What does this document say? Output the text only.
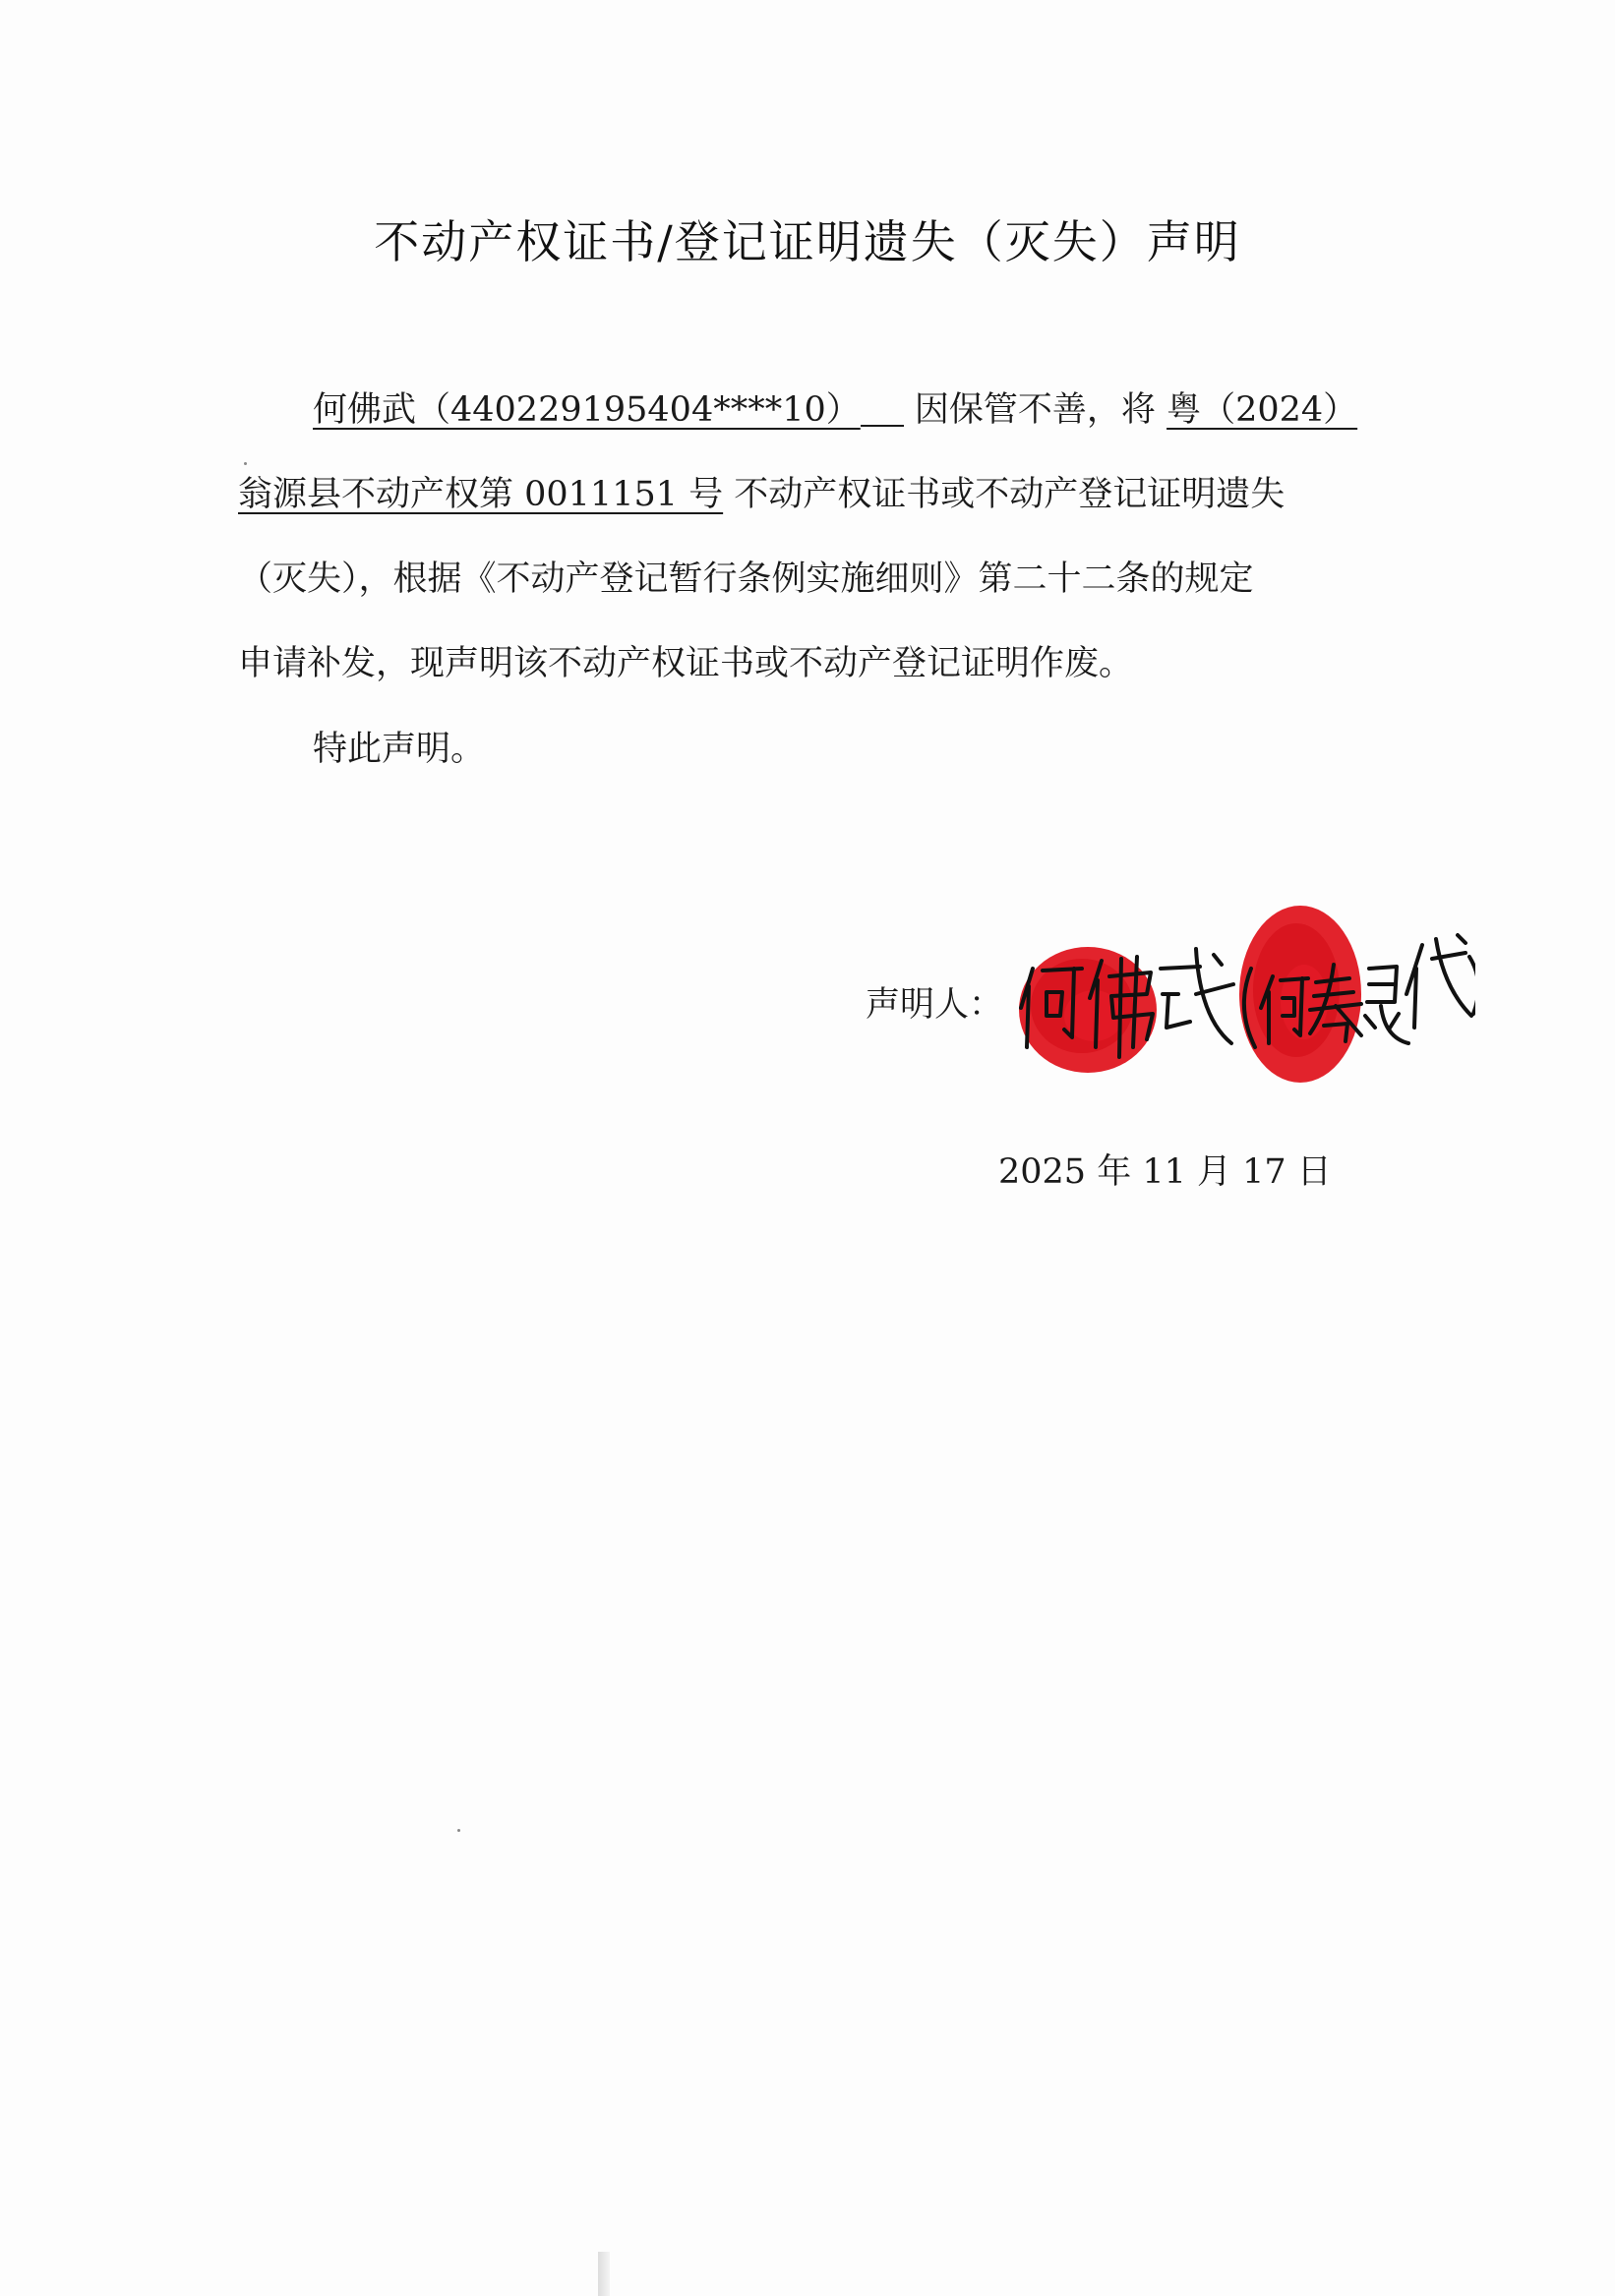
不动产权证书/登记证明遗失（灭失）声明
何佛武（440229195404****10） 因保管不善，将 粤（2024）
翁源县不动产权第 0011151 号 不动产权证书或不动产登记证明遗失
（灭失），根据《不动产登记暂行条例实施细则》第二十二条的规定
申请补发，现声明该不动产权证书或不动产登记证明作废。
特此声明。
声明人：
2025 年 11 月 17 日
